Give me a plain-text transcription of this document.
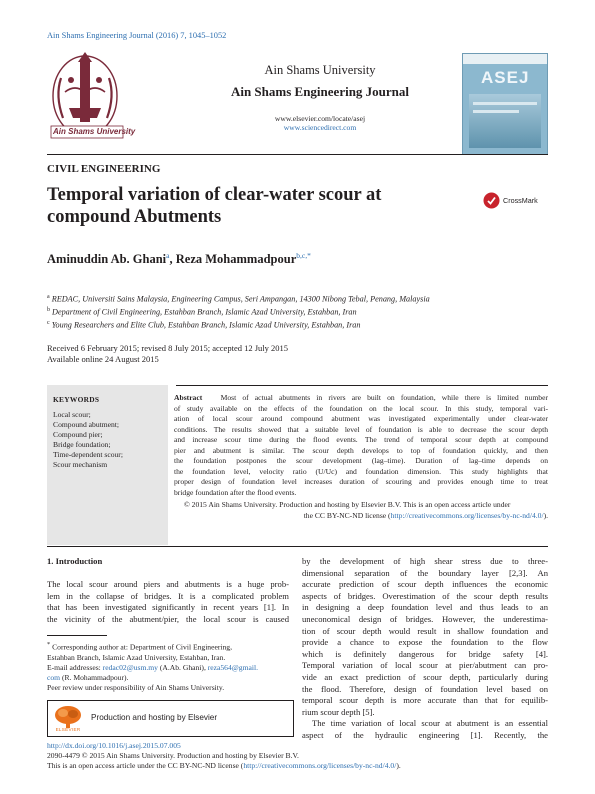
Ain Shams Engineering Journal (2016) 7, 1045–1052
Ain Shams University
Ain Shams University
Ain Shams Engineering Journal
www.elsevier.com/locate/asej
www.sciencedirect.com
ASEJ
CIVIL ENGINEERING
Temporal variation of clear-water scour at
compound Abutments
CrossMark
Aminuddin Ab. Ghani$^a$, Reza Mohammadpour$^{b,c,*}$
$^a$ REDAC, Universiti Sains Malaysia, Engineering Campus, Seri Ampangan, 14300 Nibong Tebal, Penang, Malaysia
$^b$ Department of Civil Engineering, Estahban Branch, Islamic Azad University, Estahban, Iran
$^c$ Young Researchers and Elite Club, Estahban Branch, Islamic Azad University, Estahban, Iran
Received 6 February 2015; revised 8 July 2015; accepted 12 July 2015
Available online 24 August 2015
KEYWORDS
Local scour;
Compound abutment;
Compound pier;
Bridge foundation;
Time-dependent scour;
Scour mechanism
Abstract Most of actual abutments in rivers are built on foundation, while there is limited number
of study available on the effects of the foundation on the local scour. In this study, temporal vari-
ation of local scour around compound abutment was investigated experimentally under clear-water
conditions. The results showed that a suitable level of foundation is able to decrease the scour depth
and increase scour time during the flood events. The trend of temporal scour depth at compound
pier and abutment is similar. The scour depth develops to top of foundation quickly, and then
the foundation postpones the scour development (lag–time). Duration of lag–time depends on
the foundation level, velocity ratio (U/Uc) and foundation dimension. This study highlights that
proper design of foundation level increases duration of scouring and provides enough time to treat
bridge foundation after the flood events.
© 2015 Ain Shams University. Production and hosting by Elsevier B.V. This is an open access article under
the CC BY-NC-ND license (http://creativecommons.org/licenses/by-nc-nd/4.0/).
1. Introduction
The local scour around piers and abutments is a huge prob-
lem in the collapse of bridges. It is a complicated problem
that has been investigated significantly in recent years [1]. In
the vicinity of the abutment/pier, the local scour is caused
by the development of high shear stress due to three-
dimensional separation of the boundary layer [2,3]. An
accurate prediction of scour depth influences the economic
aspects of bridges. Overestimation of the scour depth results
in designing a deep foundation level and thus leads to an
uneconomical design of bridges. However, the underestima-
tion of scour depth would result in shallow foundation and
provide a chance to expose the foundation to the flow
which is definitely dangerous for bridge safety [4].
Temporal variation of local scour at pier/abutment can pro-
vide an exact prediction of scour depth, particularly during
the flood. Therefore, design of foundation level based on
temporal scour depth is more accurate than that for equilib-
rium scour depth [5].
The time variation of local scour at abutment is an essential
aspect of the hydraulic engineering [1]. Recently, the
* Corresponding author at: Department of Civil Engineering,
Estahban Branch, Islamic Azad University, Estahban, Iran.
E-mail addresses: redac02@usm.my (A.Ab. Ghani), reza564@gmail.
com (R. Mohammadpour).
Peer review under responsibility of Ain Shams University.
ELSEVIER
Production and hosting by Elsevier
http://dx.doi.org/10.1016/j.asej.2015.07.005
2090-4479 © 2015 Ain Shams University. Production and hosting by Elsevier B.V.
This is an open access article under the CC BY-NC-ND license (http://creativecommons.org/licenses/by-nc-nd/4.0/).
